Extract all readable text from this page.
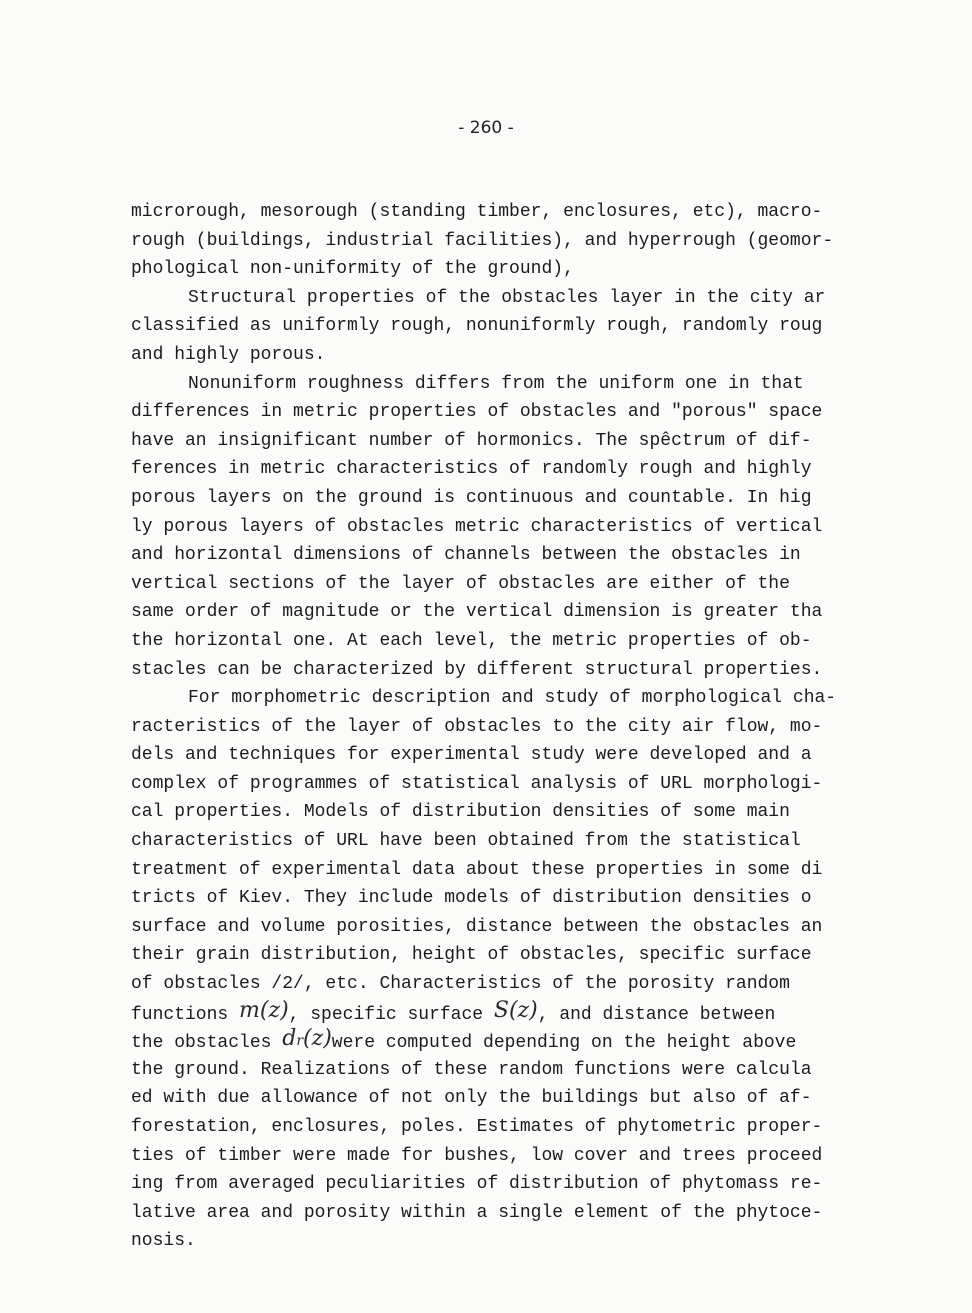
- 260 -
microrough, mesorough (standing timber, enclosures, etc), macro-
rough (buildings, industrial facilities), and hyperrough (geomor-
phological non-uniformity of the ground),
Structural properties of the obstacles layer in the city ar
classified as uniformly rough, nonuniformly rough, randomly roug
and highly porous.
Nonuniform roughness differs from the uniform one in that
differences in metric properties of obstacles and "porous" space
have an insignificant number of hormonics. The spêctrum of dif-
ferences in metric characteristics of randomly rough and highly
porous layers on the ground is continuous and countable. In hig
ly porous layers of obstacles metric characteristics of vertical
and horizontal dimensions of channels between the obstacles in
vertical sections of the layer of obstacles are either of the
same order of magnitude or the vertical dimension is greater tha
the horizontal one. At each level, the metric properties of ob-
stacles can be characterized by different structural properties.
For morphometric description and study of morphological cha-
racteristics of the layer of obstacles to the city air flow, mo-
dels and techniques for experimental study were developed and a
complex of programmes of statistical analysis of URL morphologi-
cal properties. Models of distribution densities of some main
characteristics of URL have been obtained from the statistical
treatment of experimental data about these properties in some di
tricts of Kiev. They include models of distribution densities o
surface and volume porosities, distance between the obstacles an
their grain distribution, height of obstacles, specific surface
of obstacles /2/, etc. Characteristics of the porosity random
functions m(z), specific surface S(z), and distance between
the obstacles dr(z)were computed depending on the height above
the ground. Realizations of these random functions were calcula
ed with due allowance of not only the buildings but also of af-
forestation, enclosures, poles. Estimates of phytometric proper-
ties of timber were made for bushes, low cover and trees proceed
ing from averaged peculiarities of distribution of phytomass re-
lative area and porosity within a single element of the phytoce-
nosis.
